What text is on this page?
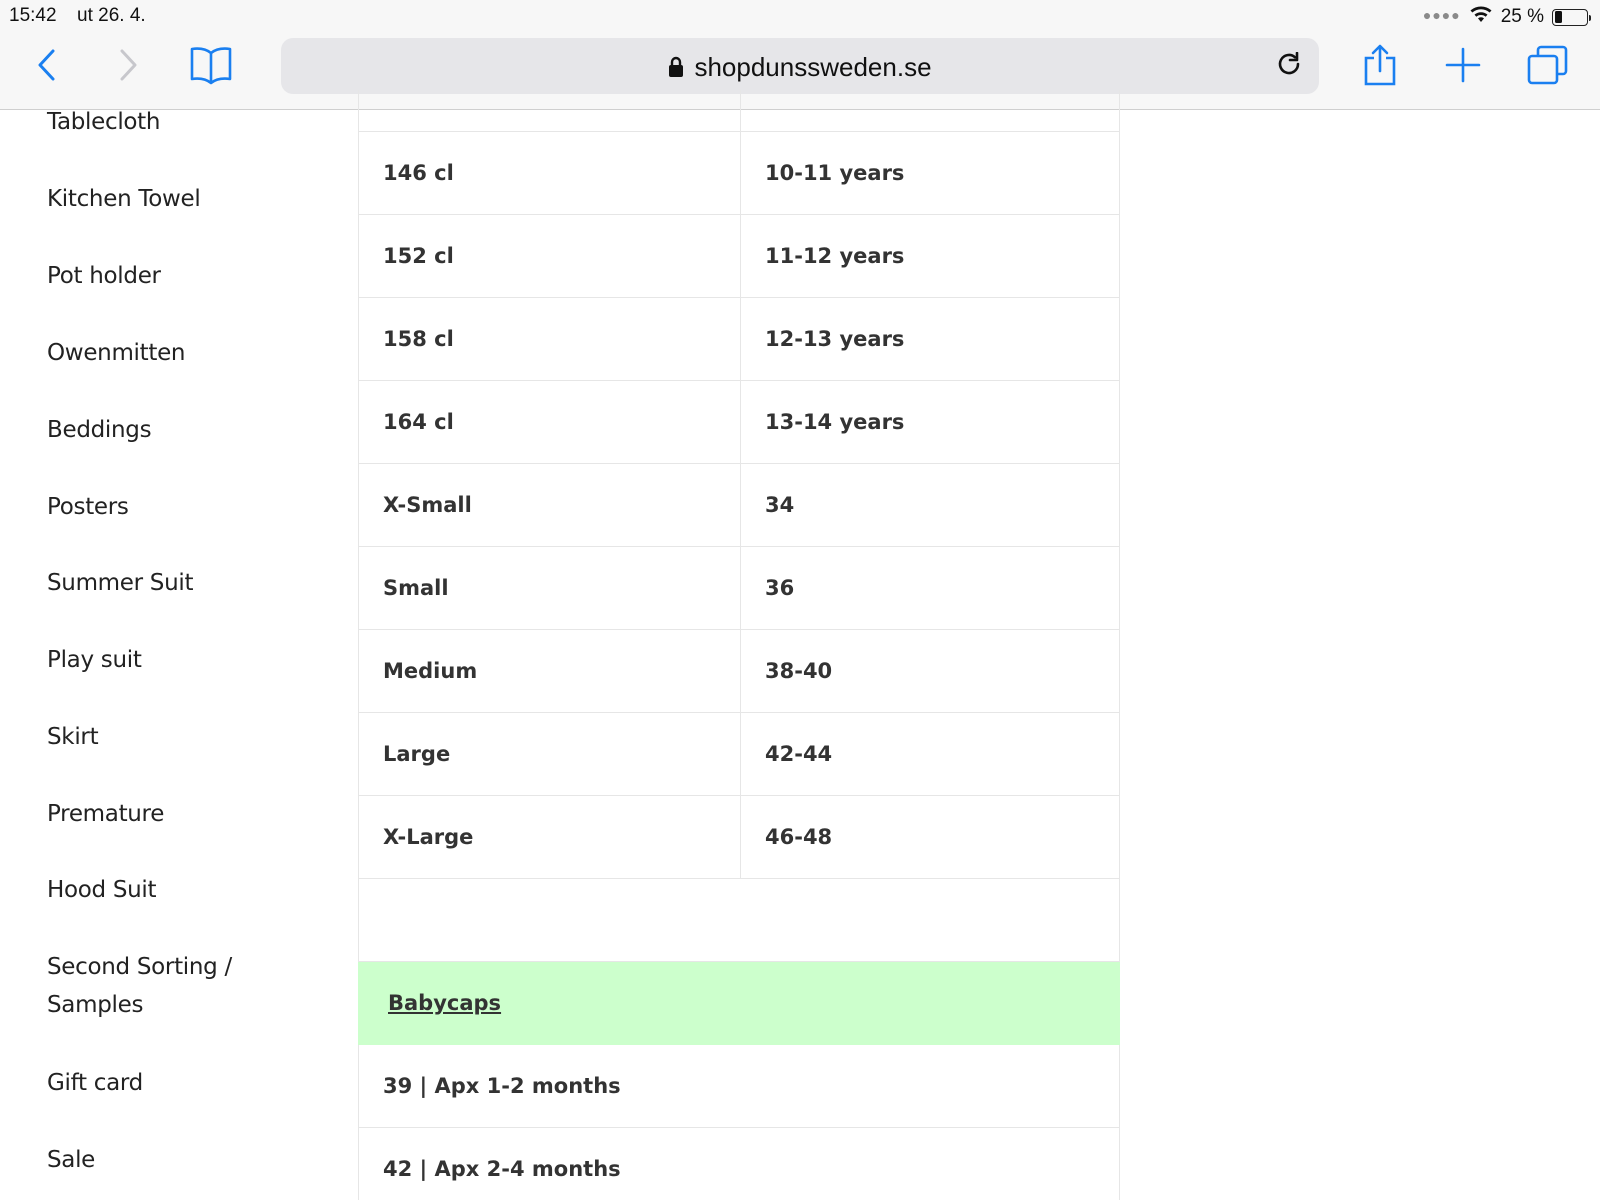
15:42 ut 26. 4.	●●●● 25 %
shopdunssweden.se
Tablecloth
Kitchen Towel
Pot holder
Owenmitten
Beddings
Posters
Summer Suit
Play suit
Skirt
Premature
Hood Suit
Second Sorting /
Samples
Gift card
Sale
146 cl	10-11 years
152 cl	11-12 years
158 cl	12-13 years
164 cl	13-14 years
X-Small	34
Small	36
Medium	38-40
Large	42-44
X-Large	46-48
Babycaps
39 | Apx 1-2 months
42 | Apx 2-4 months
